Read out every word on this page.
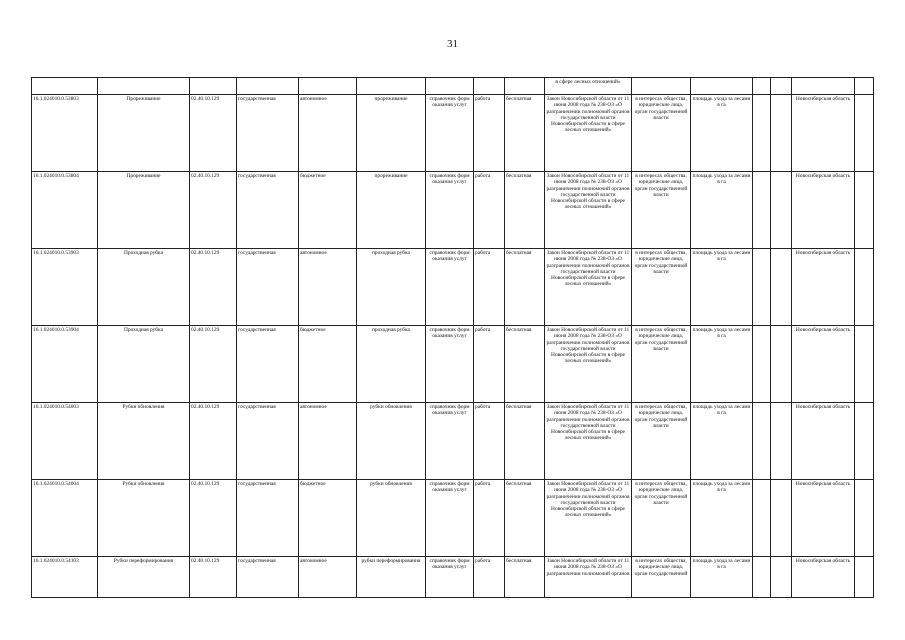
31
									в сфере лесных отношений»						
16.1.024010.0.53803	Прореживание	02.40.10.129	государственная	автономное	прореживание	справочник форм оказания услуг	работа	бесплатная	Закон Новосибирской области от 11 июня 2008 года № 238-ОЗ «О разграничении полномочий органов государственной власти Новосибирской области в сфере лесных отношений»	в интересах общества, юридические лица, орган государственной власти	площадь ухода за лесами в га			Новосибирская область	
16.1.024010.0.53804	Прореживание	02.40.10.129	государственная	бюджетное	прореживание	справочник форм оказания услуг	работа	бесплатная	Закон Новосибирской области от 11 июня 2008 года № 238-ОЗ «О разграничении полномочий органов государственной власти Новосибирской области в сфере лесных отношений»	в интересах общества, юридические лица, орган государственной власти	площадь ухода за лесами в га			Новосибирская область	
16.1.024010.0.53903	Проходная рубка	02.40.10.129	государственная	автономное	проходная рубка	справочник форм оказания услуг	работа	бесплатная	Закон Новосибирской области от 11 июня 2008 года № 238-ОЗ «О разграничении полномочий органов государственной власти Новосибирской области в сфере лесных отношений»	в интересах общества, юридические лица, орган государственной власти	площадь ухода за лесами в га			Новосибирская область	
16.1.024010.0.53904	Проходная рубка	02.40.10.129	государственная	бюджетное	проходная рубка	справочник форм оказания услуг	работа	бесплатная	Закон Новосибирской области от 11 июня 2008 года № 238-ОЗ «О разграничении полномочий органов государственной власти Новосибирской области в сфере лесных отношений»	в интересах общества, юридические лица, орган государственной власти	площадь ухода за лесами в га			Новосибирская область	
16.1.024010.0.54003	Рубки обновления	02.40.10.129	государственная	автономное	рубки обновления	справочник форм оказания услуг	работа	бесплатная	Закон Новосибирской области от 11 июня 2008 года № 238-ОЗ «О разграничении полномочий органов государственной власти Новосибирской области в сфере лесных отношений»	в интересах общества, юридические лица, орган государственной власти	площадь ухода за лесами в га			Новосибирская область	
16.1.024010.0.54004	Рубки обновления	02.40.10.129	государственная	бюджетное	рубки обновления	справочник форм оказания услуг	работа	бесплатная	Закон Новосибирской области от 11 июня 2008 года № 238-ОЗ «О разграничении полномочий органов государственной власти Новосибирской области в сфере лесных отношений»	в интересах общества, юридические лица, орган государственной власти	площадь ухода за лесами в га			Новосибирская область	
16.1.024010.0.54103	Рубки переформирования	02.40.10.129	государственная	автономное	рубки переформирования	справочник форм оказания услуг	работа	бесплатная	Закон Новосибирской области от 11 июня 2008 года № 238-ОЗ «О разграничении полномочий органов	в интересах общества, юридические лица, орган государственной	площадь ухода за лесами в га			Новосибирская область	
